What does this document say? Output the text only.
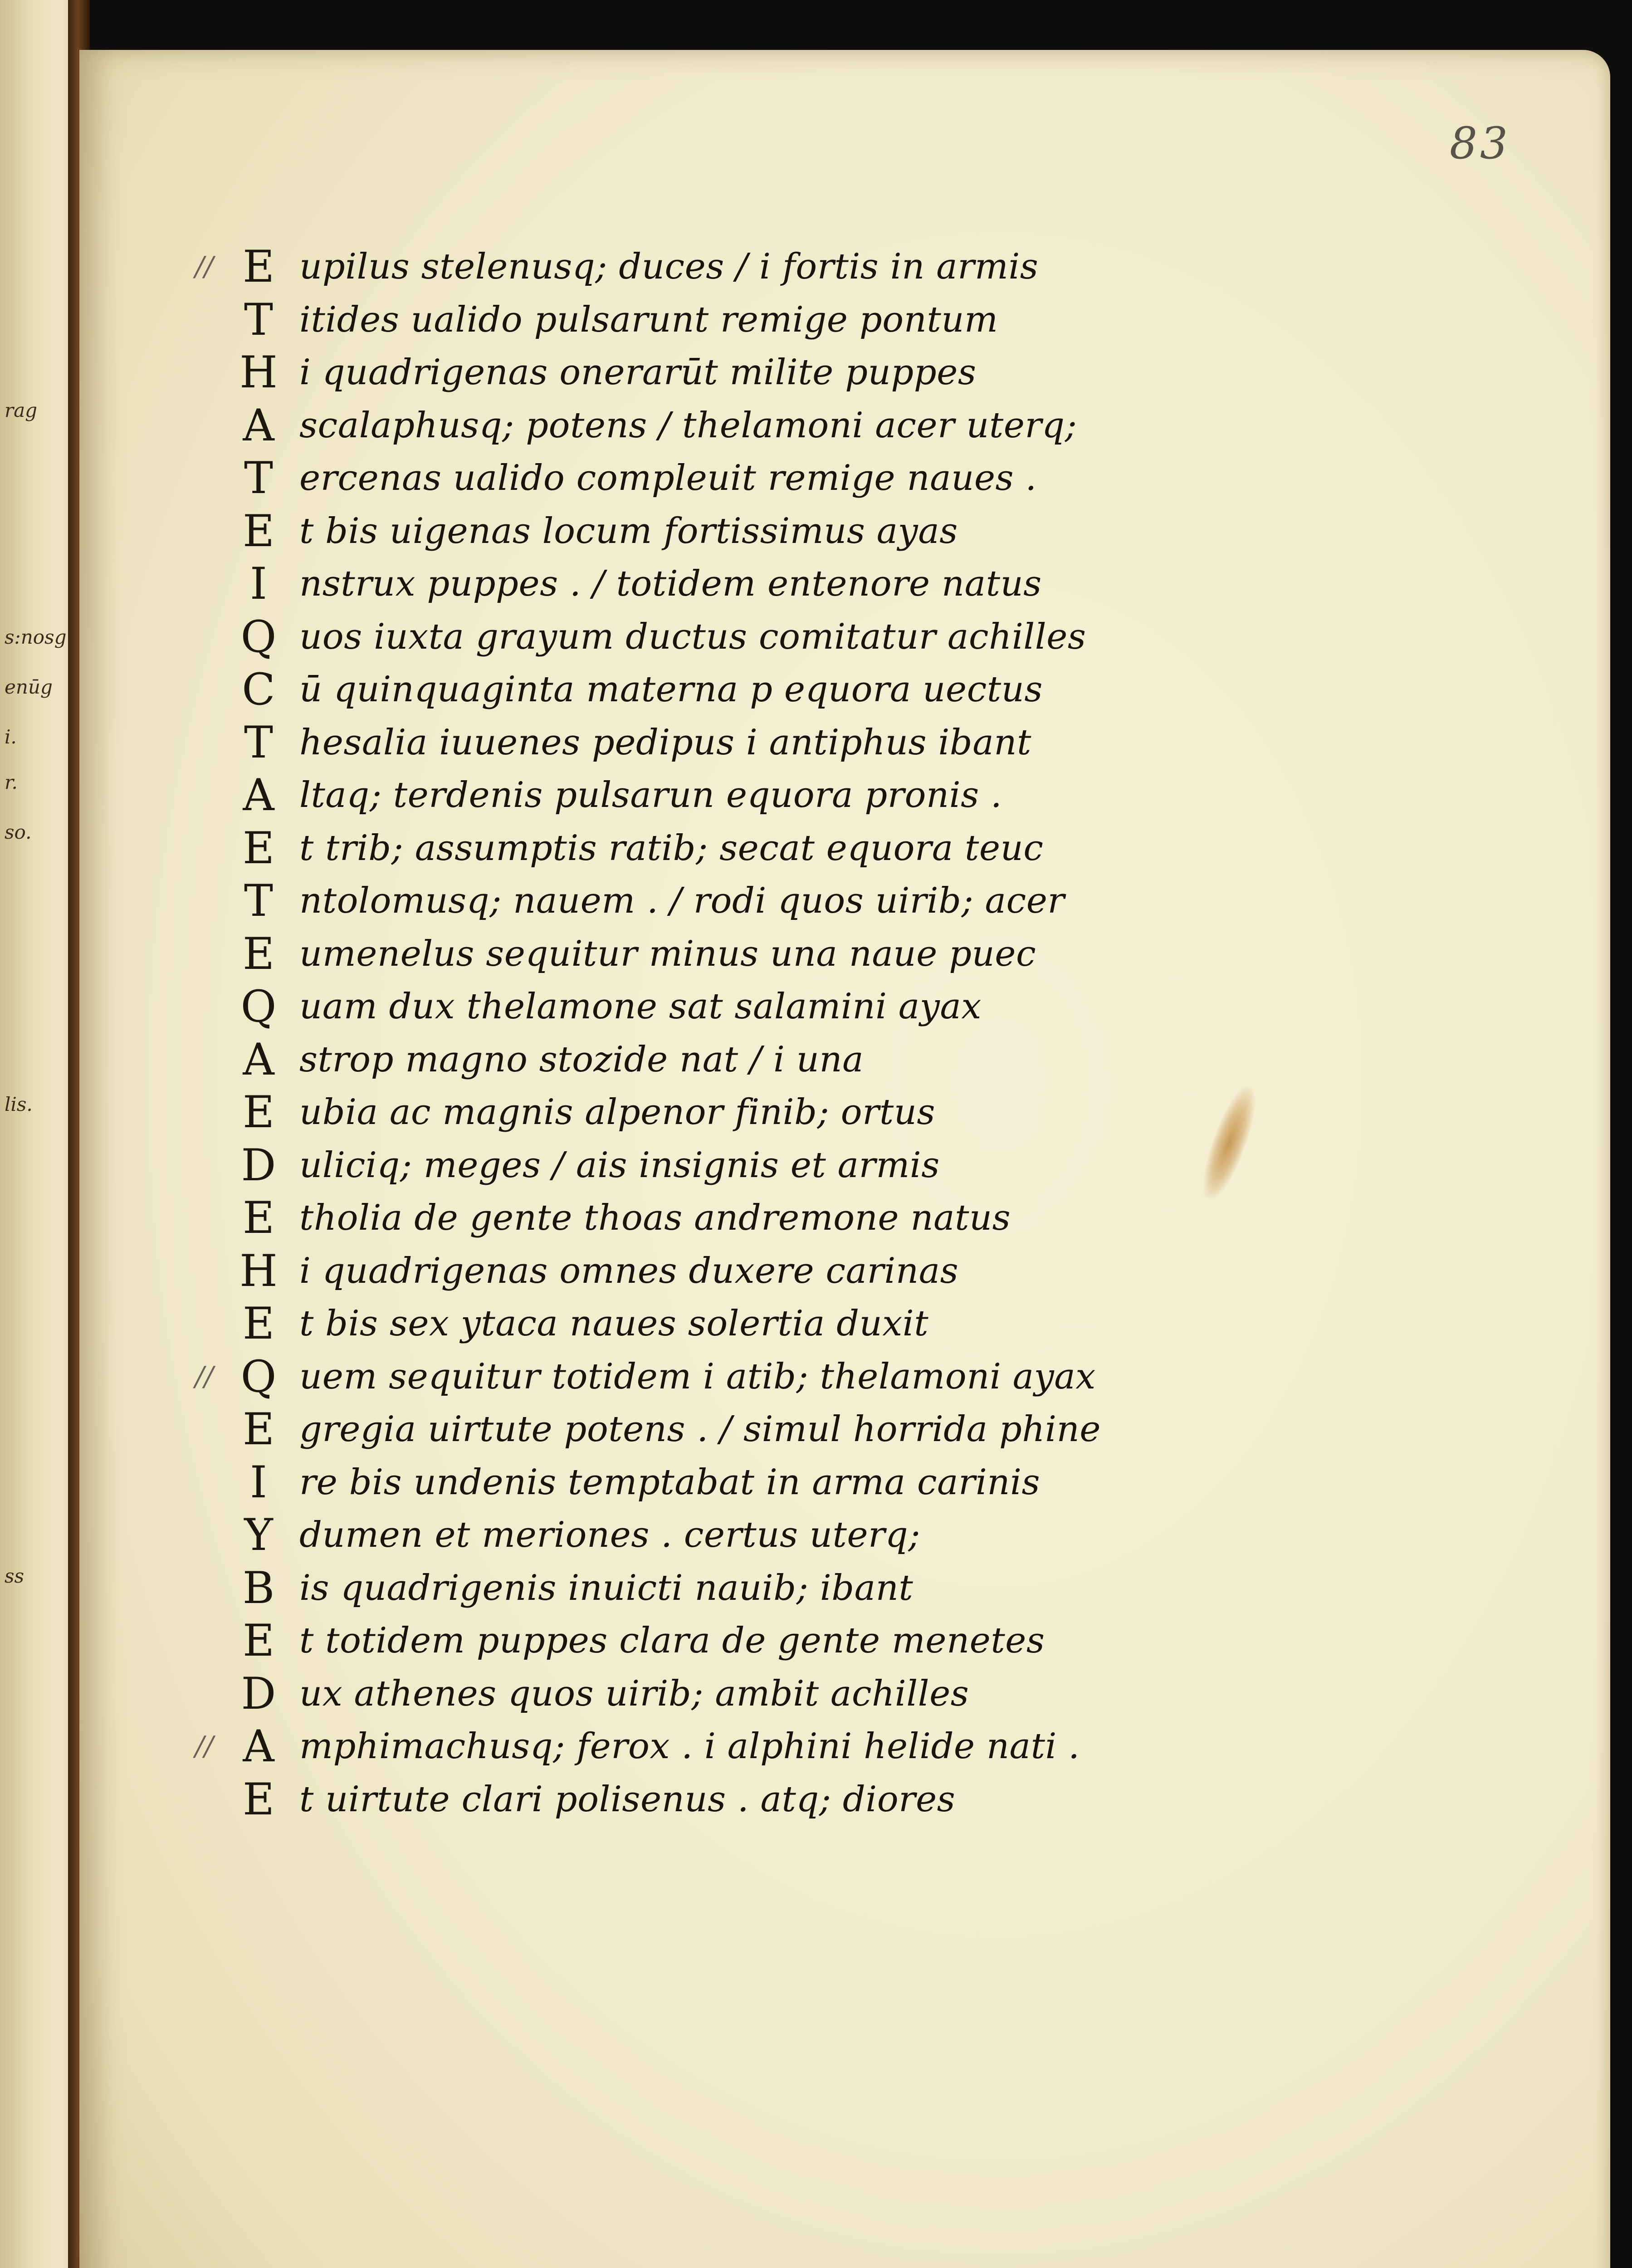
rag
s:nosg
enūg
i.
r.
so.
lis.
ss
83
E upilus stelenusq; duces / i fortis in armis
//
T itides ualido pulsarunt remige pontum
H i quadrigenas onerarūt milite puppes
A scalaphusq; potens / thelamoni acer uterq;
T ercenas ualido compleuit remige naues .
E t bis uigenas locum fortissimus ayas
I nstrux puppes . / totidem entenore natus
Q uos iuxta grayum ductus comitatur achilles
C ū quinquaginta materna p equora uectus
T hesalia iuuenes pedipus i antiphus ibant
A ltaq; terdenis pulsarun equora pronis .
E t trib; assumptis ratib; secat equora teuc
T ntolomusq; nauem . / rodi quos uirib; acer
E umenelus sequitur minus una naue puec
Q uam dux thelamone sat salamini ayax
A strop magno stozide nat / i una
E ubia ac magnis alpenor finib; ortus
D uliciq; meges / ais insignis et armis
E tholia de gente thoas andremone natus
H i quadrigenas omnes duxere carinas
E t bis sex ytaca naues solertia duxit
Q uem sequitur totidem i atib; thelamoni ayax
//
E gregia uirtute potens . / simul horrida phine
I re bis undenis temptabat in arma carinis
Y dumen et meriones . certus uterq;
B is quadrigenis inuicti nauib; ibant
E t totidem puppes clara de gente menetes
D ux athenes quos uirib; ambit achilles
A mphimachusq; ferox . i alphini helide nati .
//
E t uirtute clari polisenus . atq; diores
